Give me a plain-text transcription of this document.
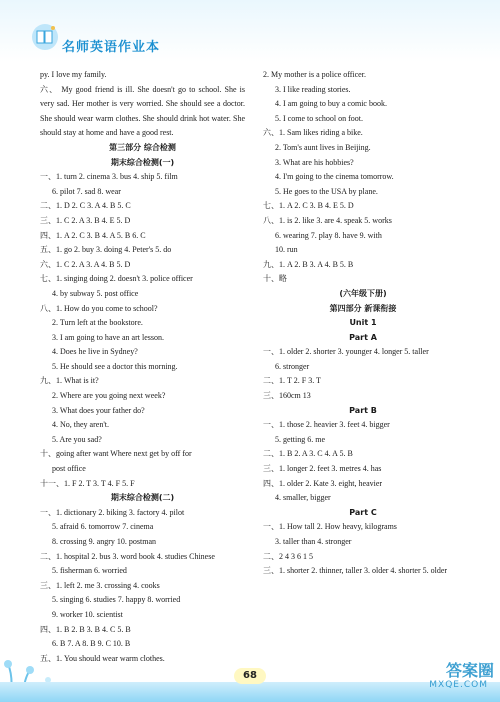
名师英语作业本
py. I love my family.
六、 My good friend is ill. She doesn't go to school. She is very sad. Her mother is very worried. She should see a doctor. She should wear warm clothes. She should drink hot water. She should stay at home and have a good rest.
第三部分 综合检测
期末综合检测(一)
一、1. turn 2. cinema 3. bus 4. ship 5. film
6. pilot 7. sad 8. wear
二、1. D 2. C 3. A 4. B 5. C
三、1. C 2. A 3. B 4. E 5. D
四、1. A 2. C 3. B 4. A 5. B 6. C
五、1. go 2. buy 3. doing 4. Peter's 5. do
六、1. C 2. A 3. A 4. B 5. D
七、1. singing doing 2. doesn't 3. police officer
4. by subway 5. post office
八、1. How do you come to school?
2. Turn left at the bookstore.
3. I am going to have an art lesson.
4. Does he live in Sydney?
5. He should see a doctor this morning.
九、1. What is it?
2. Where are you going next week?
3. What does your father do?
4. No, they aren't.
5. Are you sad?
十、going after want Where next get by off for
post office
十一、1. F 2. T 3. T 4. F 5. F
期末综合检测(二)
一、1. dictionary 2. biking 3. factory 4. pilot
5. afraid 6. tomorrow 7. cinema
8. crossing 9. angry 10. postman
二、1. hospital 2. bus 3. word book 4. studies Chinese
5. fisherman 6. worried
三、1. left 2. me 3. crossing 4. cooks
5. singing 6. studies 7. happy 8. worried
9. worker 10. scientist
四、1. B 2. B 3. B 4. C 5. B
6. B 7. A 8. B 9. C 10. B
五、1. You should wear warm clothes.
2. My mother is a police officer.
3. I like reading stories.
4. I am going to buy a comic book.
5. I come to school on foot.
六、1. Sam likes riding a bike.
2. Tom's aunt lives in Beijing.
3. What are his hobbies?
4. I'm going to the cinema tomorrow.
5. He goes to the USA by plane.
七、1. A 2. C 3. B 4. E 5. D
八、1. is 2. like 3. are 4. speak 5. works
6. wearing 7. play 8. have 9. with
10. run
九、1. A 2. B 3. A 4. B 5. B
十、略
(六年级下册)
第四部分 新课衔接
Unit 1
Part A
一、1. older 2. shorter 3. younger 4. longer 5. taller
6. stronger
二、1. T 2. F 3. T
三、160cm 13
Part B
一、1. those 2. heavier 3. feet 4. bigger
5. getting 6. me
二、1. B 2. A 3. C 4. A 5. B
三、1. longer 2. feet 3. metres 4. has
四、1. older 2. Kate 3. eight, heavier
4. smaller, bigger
Part C
一、1. How tall 2. How heavy, kilograms
3. taller than 4. stronger
二、2 4 3 6 1 5
三、1. shorter 2. thinner, taller 3. older 4. shorter 5. older
68	答案圈
MXQE.COM
